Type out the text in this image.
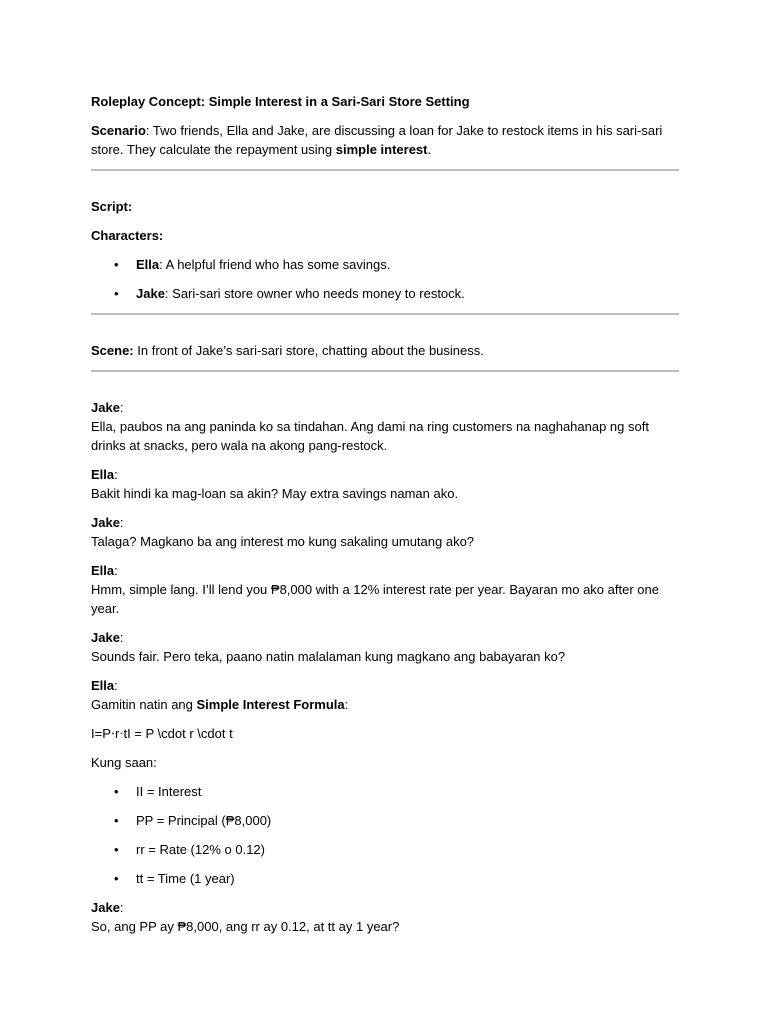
Roleplay Concept: Simple Interest in a Sari-Sari Store Setting

Scenario: Two friends, Ella and Jake, are discussing a loan for Jake to restock items in his sari-sari store. They calculate the repayment using simple interest.

Script:

Characters:

• Ella: A helpful friend who has some savings.
• Jake: Sari-sari store owner who needs money to restock.

Scene: In front of Jake’s sari-sari store, chatting about the business.

Jake:
Ella, paubos na ang paninda ko sa tindahan. Ang dami na ring customers na naghahanap ng soft drinks at snacks, pero wala na akong pang-restock.

Ella:
Bakit hindi ka mag-loan sa akin? May extra savings naman ako.

Jake:
Talaga? Magkano ba ang interest mo kung sakaling umutang ako?

Ella:
Hmm, simple lang. I’ll lend you ₱8,000 with a 12% interest rate per year. Bayaran mo ako after one year.

Jake:
Sounds fair. Pero teka, paano natin malalaman kung magkano ang babayaran ko?

Ella:
Gamitin natin ang Simple Interest Formula:

I=P⋅r⋅tI = P \cdot r \cdot t

Kung saan:

• II = Interest
• PP = Principal (₱8,000)
• rr = Rate (12% o 0.12)
• tt = Time (1 year)

Jake:
So, ang PP ay ₱8,000, ang rr ay 0.12, at tt ay 1 year?
